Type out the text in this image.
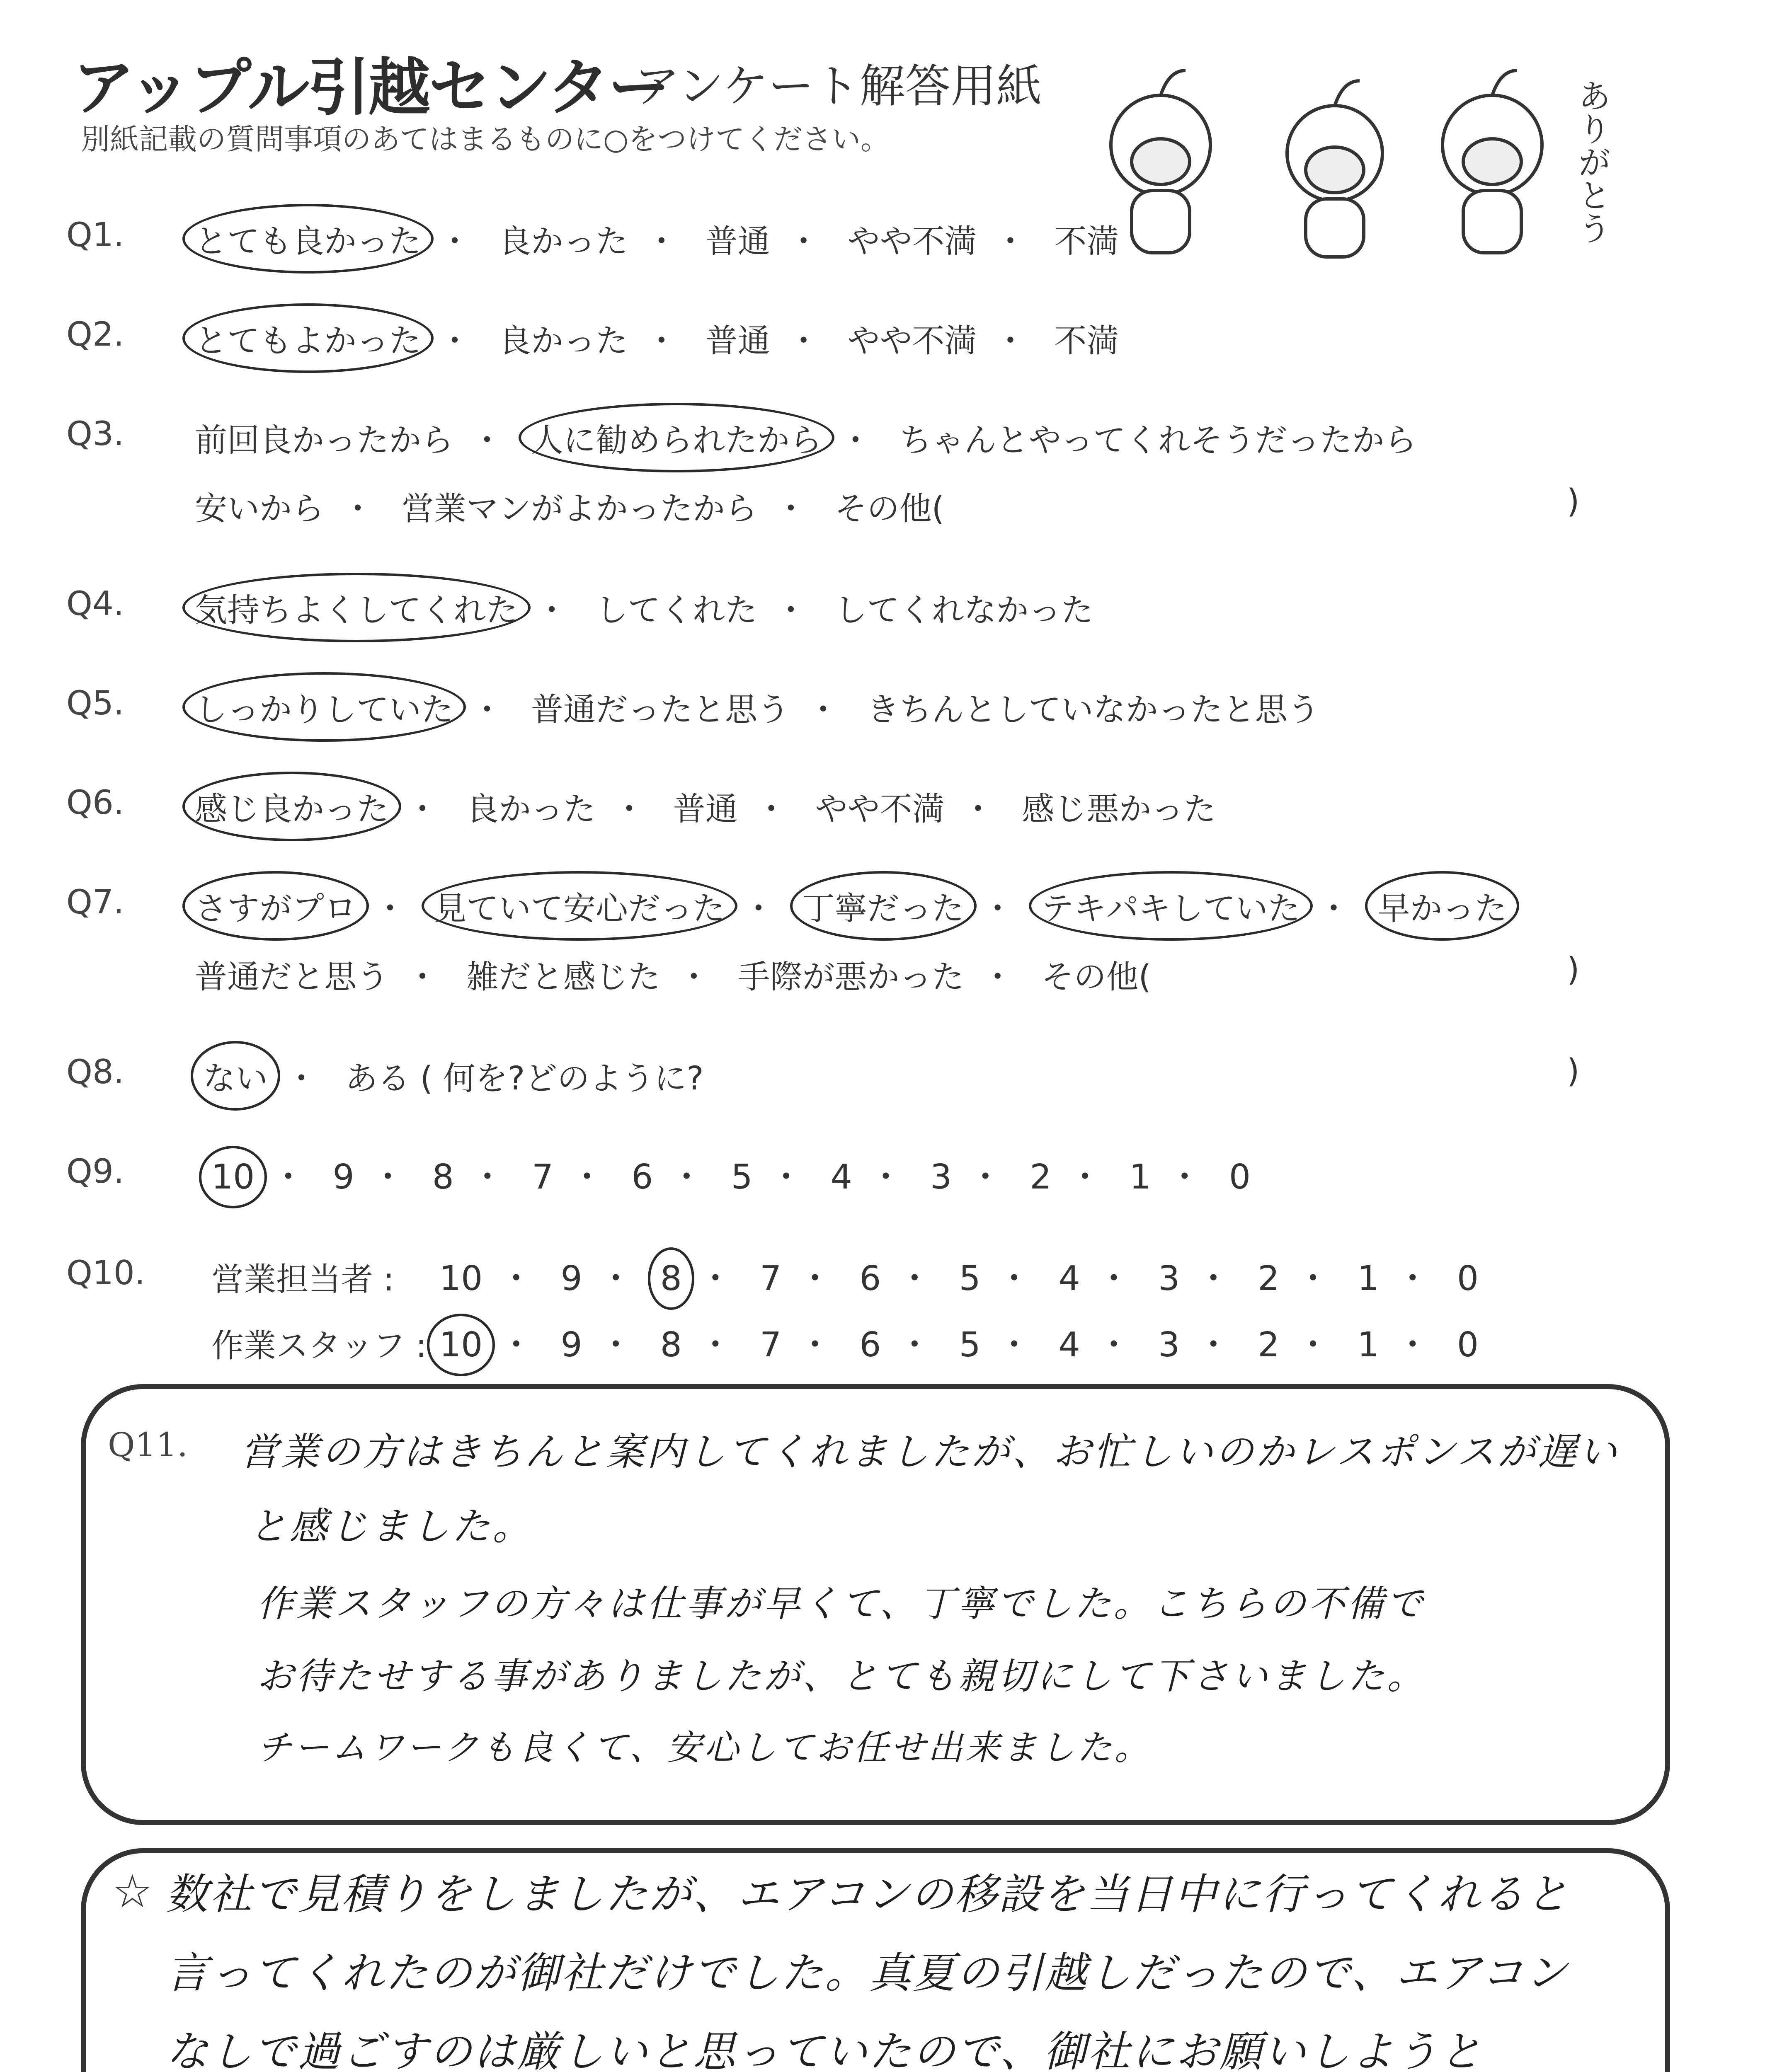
アップル引越センター
アンケート解答用紙
別紙記載の質問事項のあてはまるものに○をつけてください。	ありがとう
Q1. とても良かった ・ 良かった ・ 普通 ・ やや不満 ・ 不満
Q2. とてもよかった ・ 良かった ・ 普通 ・ やや不満 ・ 不満
Q3. 前回良かったから ・ 人に勧められたから ・ ちゃんとやってくれそうだったから
安いから ・ 営業マンがよかったから ・ その他(	)
Q4. 気持ちよくしてくれた ・ してくれた ・ してくれなかった
Q5. しっかりしていた ・ 普通だったと思う ・ きちんとしていなかったと思う
Q6. 感じ良かった ・ 良かった ・ 普通 ・ やや不満 ・ 感じ悪かった
Q7. さすがプロ ・ 見ていて安心だった ・ 丁寧だった ・ テキパキしていた ・ 早かった
普通だと思う ・ 雑だと感じた ・ 手際が悪かった ・ その他(	)
Q8. ない ・ ある ( 何を?どのように?	)
Q9.	10 ・ 9 ・ 8 ・ 7 ・ 6 ・ 5 ・ 4 ・ 3 ・ 2 ・ 1 ・ 0
Q10. 営業担当者 : 10 ・ 9 ・ 8 ・ 7 ・ 6 ・ 5 ・ 4 ・ 3 ・ 2 ・ 1 ・ 0
作業スタッフ : 10 ・ 9 ・ 8 ・ 7 ・ 6 ・ 5 ・ 4 ・ 3 ・ 2 ・ 1 ・ 0
Q11. 営業の方はきちんと案内してくれましたが、お忙しいのかレスポンスが遅い
と感じました。
作業スタッフの方々は仕事が早くて、丁寧でした。こちらの不備で
お待たせする事がありましたが、とても親切にして下さいました。
チームワークも良くて、安心してお任せ出来ました。
☆ 数社で見積りをしましたが、エアコンの移設を当日中に行ってくれると
言ってくれたのが御社だけでした。真夏の引越しだったので、エアコン
なしで過ごすのは厳しいと思っていたので、御社にお願いしようと
